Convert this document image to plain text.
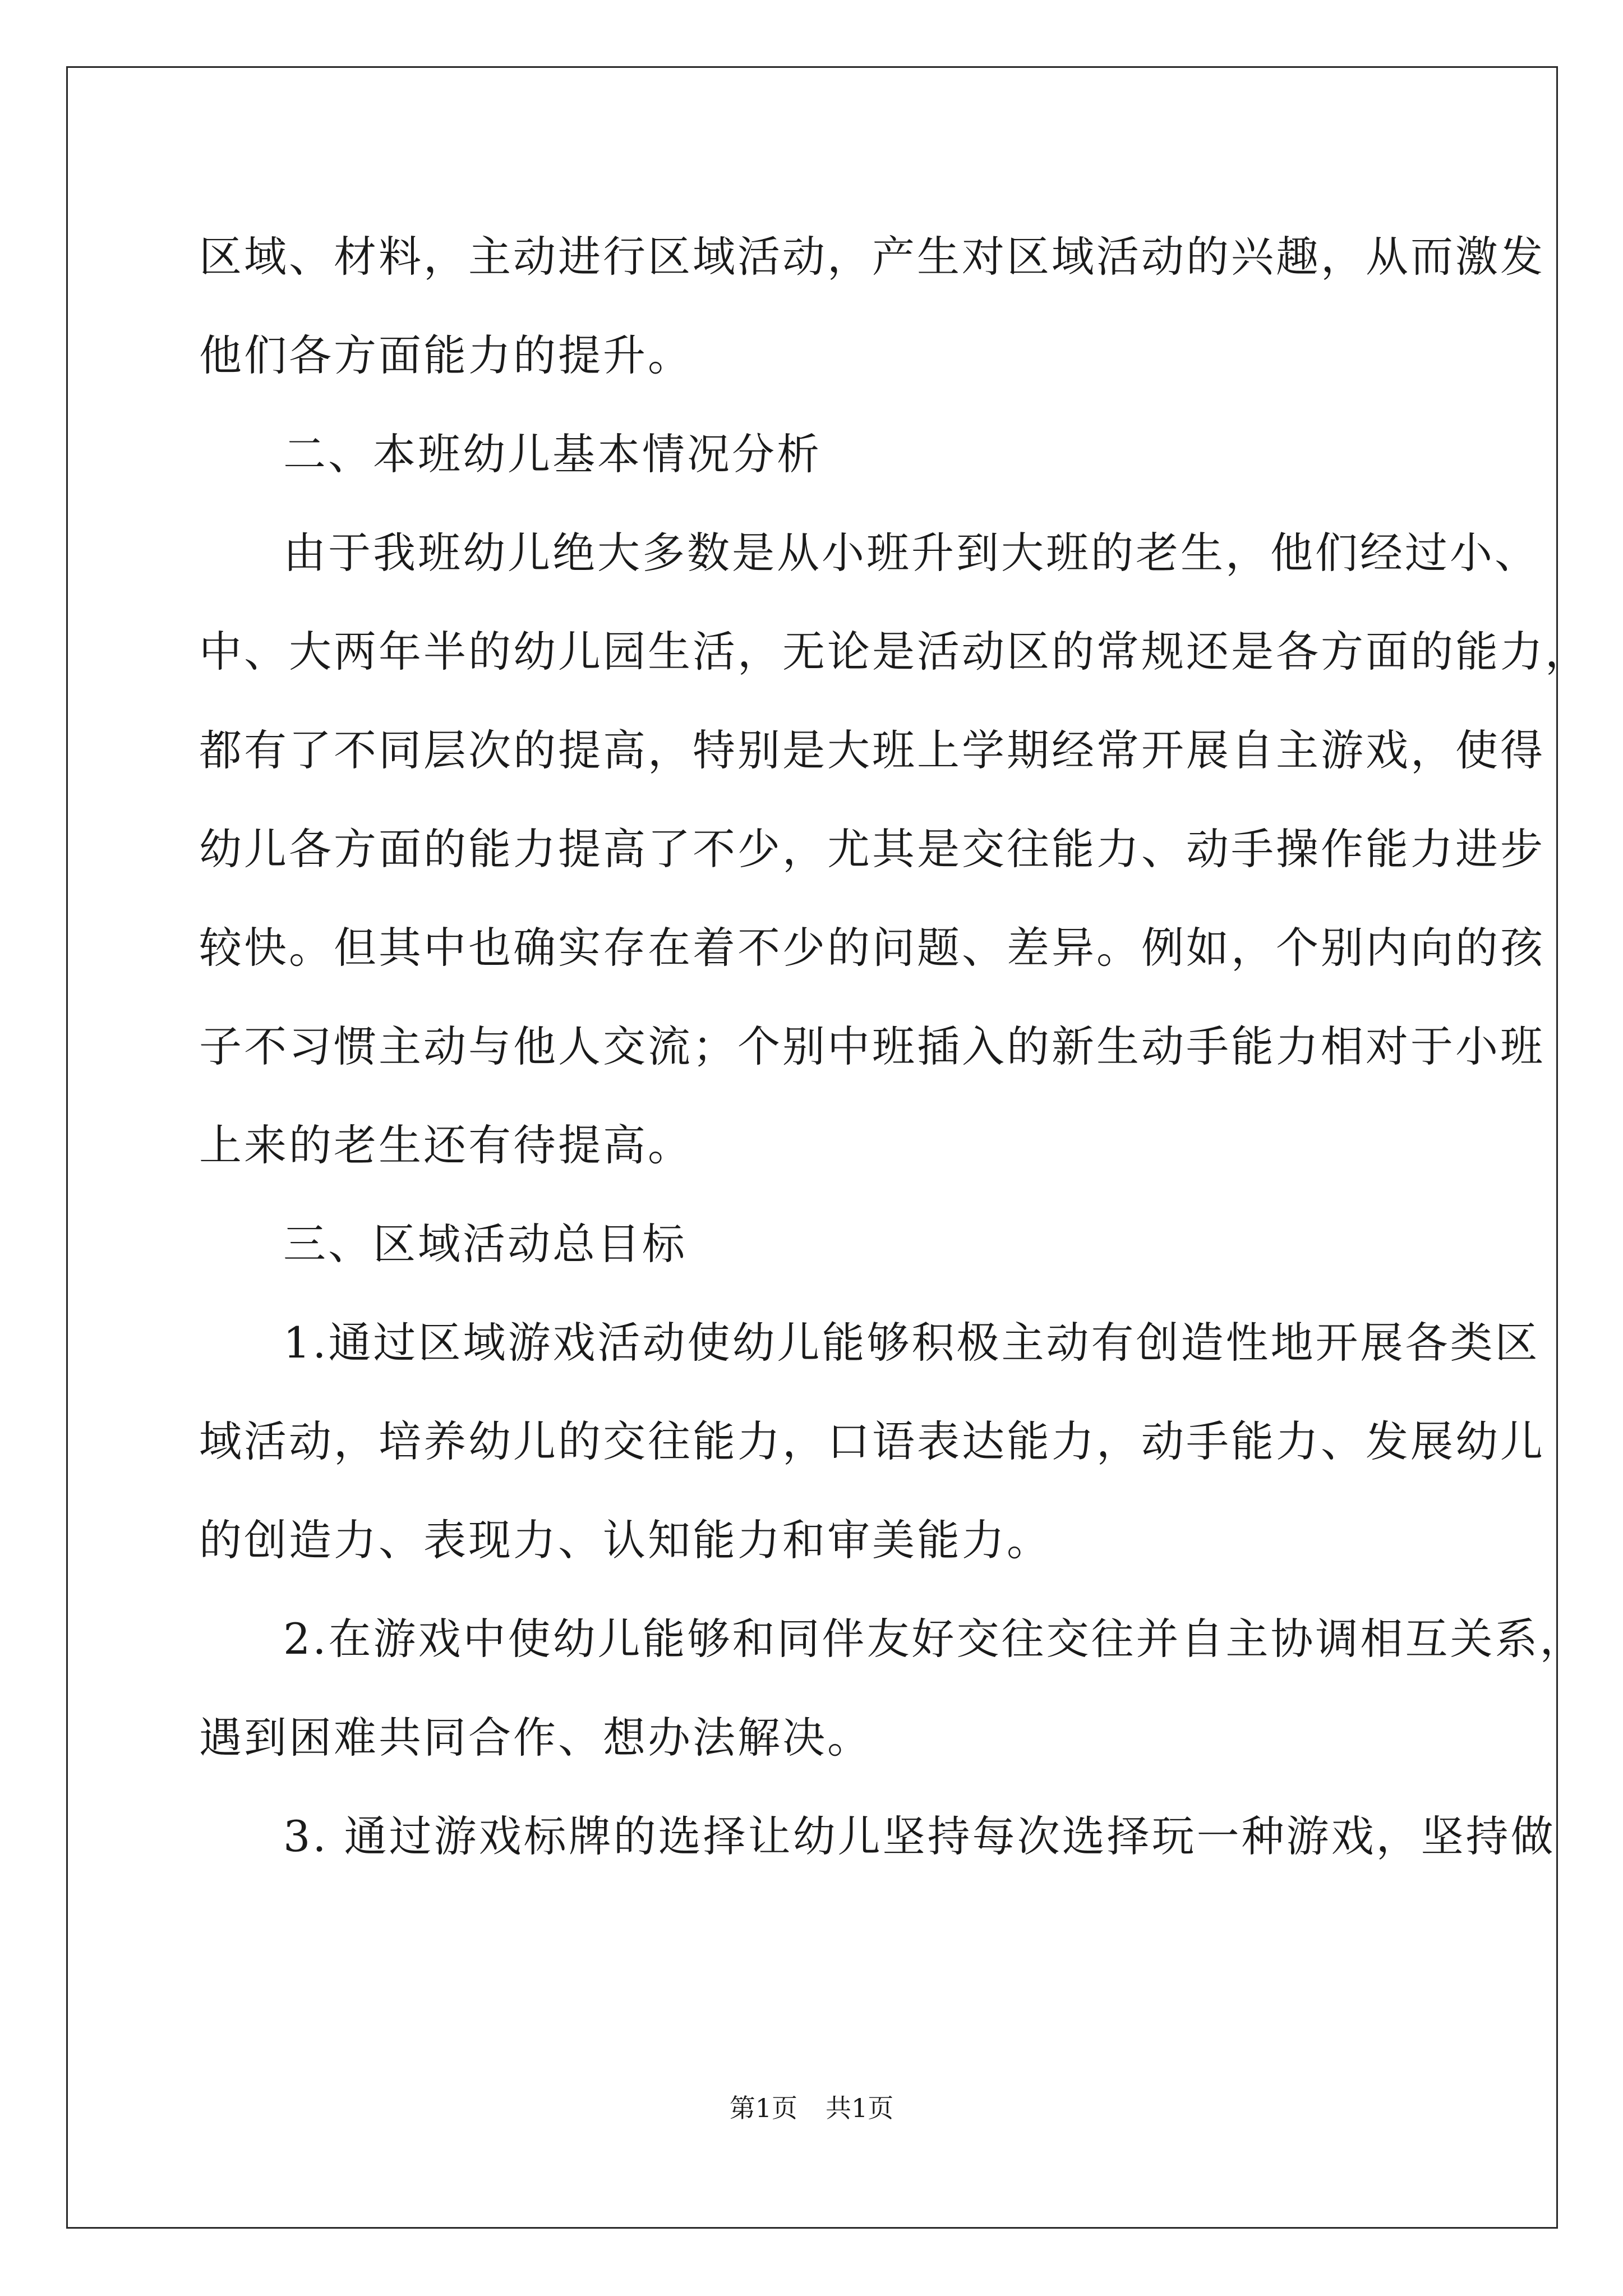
区域、材料，主动进行区域活动，产生对区域活动的兴趣，从而激发
他们各方面能力的提升。
二、本班幼儿基本情况分析
由于我班幼儿绝大多数是从小班升到大班的老生，他们经过小、
中、大两年半的幼儿园生活，无论是活动区的常规还是各方面的能力，
都有了不同层次的提高，特别是大班上学期经常开展自主游戏，使得
幼儿各方面的能力提高了不少，尤其是交往能力、动手操作能力进步
较快。但其中也确实存在着不少的问题、差异。例如，个别内向的孩
子不习惯主动与他人交流；个别中班插入的新生动手能力相对于小班
上来的老生还有待提高。
三、区域活动总目标
1.通过区域游戏活动使幼儿能够积极主动有创造性地开展各类区
域活动，培养幼儿的交往能力，口语表达能力，动手能力、发展幼儿
的创造力、表现力、认知能力和审美能力。
2.在游戏中使幼儿能够和同伴友好交往交往并自主协调相互关系，
遇到困难共同合作、想办法解决。
3. 通过游戏标牌的选择让幼儿坚持每次选择玩一种游戏，坚持做
第1页 共1页
